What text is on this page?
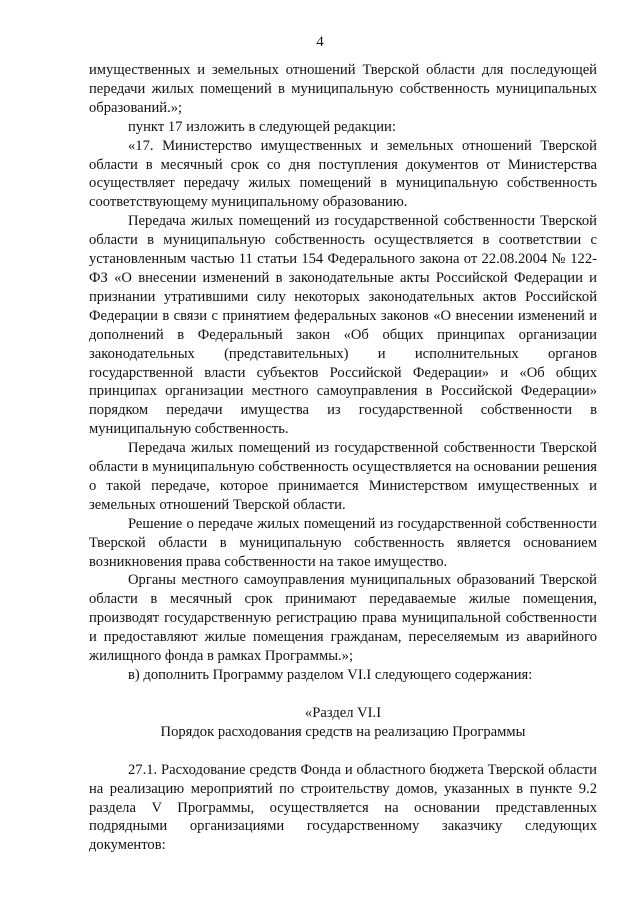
4

имущественных и земельных отношений Тверской области для последующей передачи жилых помещений в муниципальную собственность муниципальных образований.»;

пункт 17 изложить в следующей редакции:

«17. Министерство имущественных и земельных отношений Тверской области в месячный срок со дня поступления документов от Министерства осуществляет передачу жилых помещений в муниципальную собственность соответствующему муниципальному образованию.

Передача жилых помещений из государственной собственности Тверской области в муниципальную собственность осуществляется в соответствии с установленным частью 11 статьи 154 Федерального закона от 22.08.2004 № 122-ФЗ «О внесении изменений в законодательные акты Российской Федерации и признании утратившими силу некоторых законодательных актов Российской Федерации в связи с принятием федеральных законов «О внесении изменений и дополнений в Федеральный закон «Об общих принципах организации законодательных (представительных) и исполнительных органов государственной власти субъектов Российской Федерации» и «Об общих принципах организации местного самоуправления в Российской Федерации» порядком передачи имущества из государственной собственности в муниципальную собственность.

Передача жилых помещений из государственной собственности Тверской области в муниципальную собственность осуществляется на основании решения о такой передаче, которое принимается Министерством имущественных и земельных отношений Тверской области.

Решение о передаче жилых помещений из государственной собственности Тверской области в муниципальную собственность является основанием возникновения права собственности на такое имущество.

Органы местного самоуправления муниципальных образований Тверской области в месячный срок принимают передаваемые жилые помещения, производят государственную регистрацию права муниципальной собственности и предоставляют жилые помещения гражданам, переселяемым из аварийного жилищного фонда в рамках Программы.»;

в) дополнить Программу разделом VI.I следующего содержания:

«Раздел VI.I

Порядок расходования средств на реализацию Программы

27.1. Расходование средств Фонда и областного бюджета Тверской области на реализацию мероприятий по строительству домов, указанных в пункте 9.2 раздела V Программы, осуществляется на основании представленных подрядными организациями государственному заказчику следующих документов:
